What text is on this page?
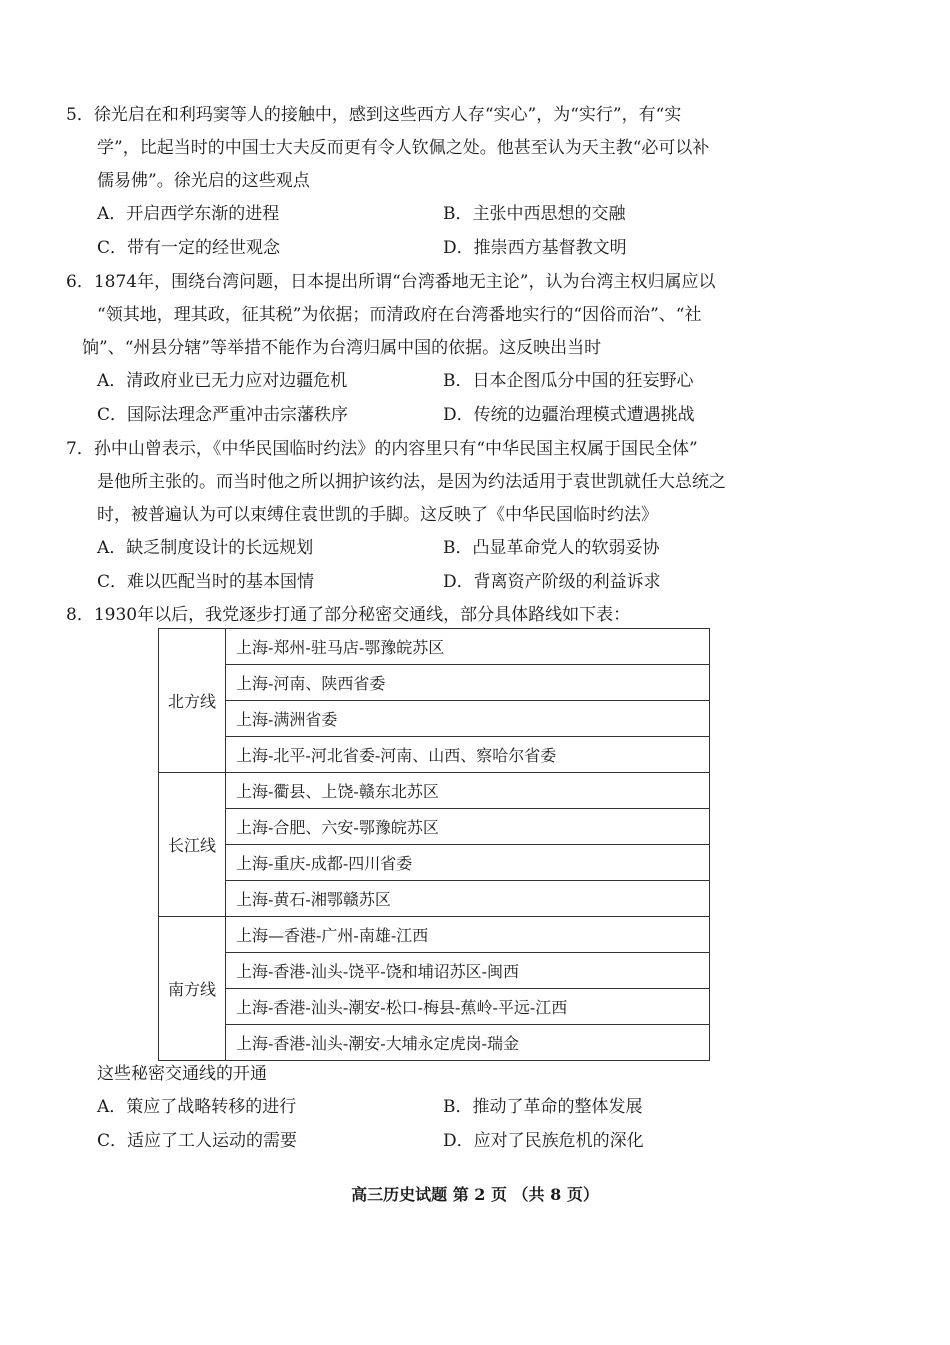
5．徐光启在和利玛窦等人的接触中，感到这些西方人存“实心”，为“实行”，有“实
学”，比起当时的中国士大夫反而更有令人钦佩之处。他甚至认为天主教“必可以补
儒易佛”。徐光启的这些观点
A．开启西学东渐的进程	B．主张中西思想的交融
C．带有一定的经世观念	D．推崇西方基督教文明
6．1874年，围绕台湾问题，日本提出所谓“台湾番地无主论”，认为台湾主权归属应以
“领其地，理其政，征其税”为依据；而清政府在台湾番地实行的“因俗而治”、“社
饷”、“州县分辖”等举措不能作为台湾归属中国的依据。这反映出当时
A．清政府业已无力应对边疆危机	B．日本企图瓜分中国的狂妄野心
C．国际法理念严重冲击宗藩秩序	D．传统的边疆治理模式遭遇挑战
7．孙中山曾表示，《中华民国临时约法》的内容里只有“中华民国主权属于国民全体”
是他所主张的。而当时他之所以拥护该约法，是因为约法适用于袁世凯就任大总统之
时，被普遍认为可以束缚住袁世凯的手脚。这反映了《中华民国临时约法》
A．缺乏制度设计的长远规划	B．凸显革命党人的软弱妥协
C．难以匹配当时的基本国情	D．背离资产阶级的利益诉求
8．1930年以后，我党逐步打通了部分秘密交通线，部分具体路线如下表：
北方线	上海-郑州-驻马店-鄂豫皖苏区
	上海-河南、陕西省委
	上海-满洲省委
	上海-北平-河北省委-河南、山西、察哈尔省委
长江线	上海-衢县、上饶-赣东北苏区
	上海-合肥、六安-鄂豫皖苏区
	上海-重庆-成都-四川省委
	上海-黄石-湘鄂赣苏区
南方线	上海—香港-广州-南雄-江西
	上海-香港-汕头-饶平-饶和埔诏苏区-闽西
	上海-香港-汕头-潮安-松口-梅县-蕉岭-平远-江西
	上海-香港-汕头-潮安-大埔永定虎岗-瑞金
这些秘密交通线的开通
A．策应了战略转移的进行	B．推动了革命的整体发展
C．适应了工人运动的需要	D．应对了民族危机的深化
高三历史试题 第 2 页 （共 8 页）
